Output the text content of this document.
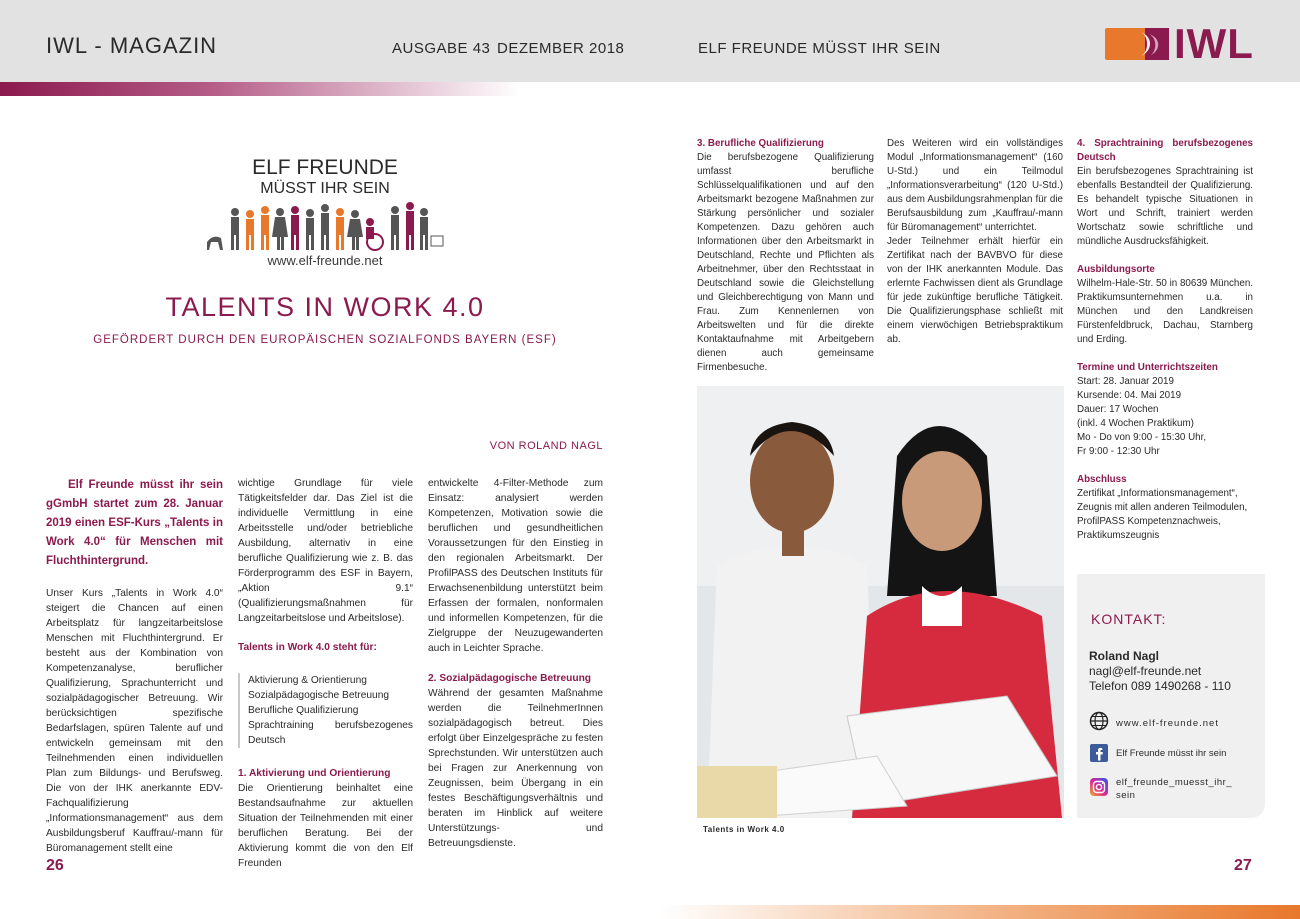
IWL - MAGAZIN	AUSGABE 43 DEZEMBER 2018	ELF FREUNDE MÜSST IHR SEIN	IWL
ELF FREUNDE
MÜSST IHR SEIN
www.elf-freunde.net
TALENTS IN WORK 4.0
GEFÖRDERT DURCH DEN EUROPÄISCHEN SOZIALFONDS BAYERN (ESF)
VON ROLAND NAGL
Elf Freunde müsst ihr sein gGmbH startet zum 28. Januar 2019 einen ESF-Kurs „Talents in Work 4.0“ für Menschen mit Fluchthintergrund.
Unser Kurs „Talents in Work 4.0“ steigert die Chancen auf einen Arbeitsplatz für langzeitarbeitslose Menschen mit Fluchthintergrund. Er besteht aus der Kombination von Kompetenzanalyse, beruflicher Qualifizierung, Sprachunterricht und sozialpädagogischer Betreuung. Wir berücksichtigen spezifische Bedarfslagen, spüren Talente auf und entwickeln gemeinsam mit den Teilnehmenden einen individuellen Plan zum Bildungs- und Berufsweg. Die von der IHK anerkannte EDV-Fachqualifizierung „Informationsmanagement“ aus dem Ausbildungsberuf Kauffrau/-mann für Büromanagement stellt eine
wichtige Grundlage für viele Tätigkeitsfelder dar. Das Ziel ist die individuelle Vermittlung in eine Arbeitsstelle und/oder betriebliche Ausbildung, alternativ in eine berufliche Qualifizierung wie z. B. das Förderprogramm des ESF in Bayern, „Aktion 9.1“ (Qualifizierungsmaßnahmen für Langzeitarbeitslose und Arbeitslose).
Talents in Work 4.0 steht für:
Aktivierung & Orientierung
Sozialpädagogische Betreuung
Berufliche Qualifizierung
Sprachtraining berufsbezogenes Deutsch
1. Aktivierung und Orientierung
Die Orientierung beinhaltet eine Bestandsaufnahme zur aktuellen Situation der Teilnehmenden mit einer beruflichen Beratung. Bei der Aktivierung kommt die von den Elf Freunden
entwickelte 4-Filter-Methode zum Einsatz: analysiert werden Kompetenzen, Motivation sowie die beruflichen und gesundheitlichen Voraussetzungen für den Einstieg in den regionalen Arbeitsmarkt. Der ProfilPASS des Deutschen Instituts für Erwachsenenbildung unterstützt beim Erfassen der formalen, nonformalen und informellen Kompetenzen, für die Zielgruppe der Neuzugewanderten auch in Leichter Sprache.
2. Sozialpädagogische Betreuung
Während der gesamten Maßnahme werden die TeilnehmerInnen sozialpädagogisch betreut. Dies erfolgt über Einzelgespräche zu festen Sprechstunden. Wir unterstützen auch bei Fragen zur Anerkennung von Zeugnissen, beim Übergang in ein festes Beschäftigungsverhältnis und beraten im Hinblick auf weitere Unterstützungs- und Betreuungsdienste.
3. Berufliche Qualifizierung
Die berufsbezogene Qualifizierung umfasst berufliche Schlüsselqualifikationen und auf den Arbeitsmarkt bezogene Maßnahmen zur Stärkung persönlicher und sozialer Kompetenzen. Dazu gehören auch Informationen über den Arbeitsmarkt in Deutschland, Rechte und Pflichten als Arbeitnehmer, über den Rechtsstaat in Deutschland sowie die Gleichstellung und Gleichberechtigung von Mann und Frau. Zum Kennenlernen von Arbeitswelten und für die direkte Kontaktaufnahme mit Arbeitgebern dienen auch gemeinsame Firmenbesuche.
Des Weiteren wird ein vollständiges Modul „Informationsmanagement“ (160 U-Std.) und ein Teilmodul „Informationsverarbeitung“ (120 U-Std.) aus dem Ausbildungsrahmenplan für die Berufsausbildung zum „Kauffrau/-mann für Büromanagement“ unterrichtet.
Jeder Teilnehmer erhält hierfür ein Zertifikat nach der BAVBVO für diese von der IHK anerkannten Module. Das erlernte Fachwissen dient als Grundlage für jede zukünftige berufliche Tätigkeit. Die Qualifizierungsphase schließt mit einem vierwöchigen Betriebspraktikum ab.
4. Sprachtraining berufsbezogenes Deutsch
Ein berufsbezogenes Sprachtraining ist ebenfalls Bestandteil der Qualifizierung. Es behandelt typische Situationen in Wort und Schrift, trainiert werden Wortschatz sowie schriftliche und mündliche Ausdrucksfähigkeit.
Ausbildungsorte
Wilhelm-Hale-Str. 50 in 80639 München. Praktikumsunternehmen u.a. in München und den Landkreisen Fürstenfeldbruck, Dachau, Starnberg und Erding.
Termine und Unterrichtszeiten
Start: 28. Januar 2019
Kursende: 04. Mai 2019
Dauer: 17 Wochen
(inkl. 4 Wochen Praktikum)
Mo - Do von 9:00 - 15:30 Uhr,
Fr 9:00 - 12:30 Uhr
Abschluss
Zertifikat „Informationsmanagement“, Zeugnis mit allen anderen Teilmodulen, ProfilPASS Kompetenznachweis, Praktikumszeugnis
Talents in Work 4.0
KONTAKT:
Roland Nagl
nagl@elf-freunde.net
Telefon 089 1490268 - 110
www.elf-freunde.net
Elf Freunde müsst ihr sein
elf_freunde_muesst_ihr_
sein
26	27
